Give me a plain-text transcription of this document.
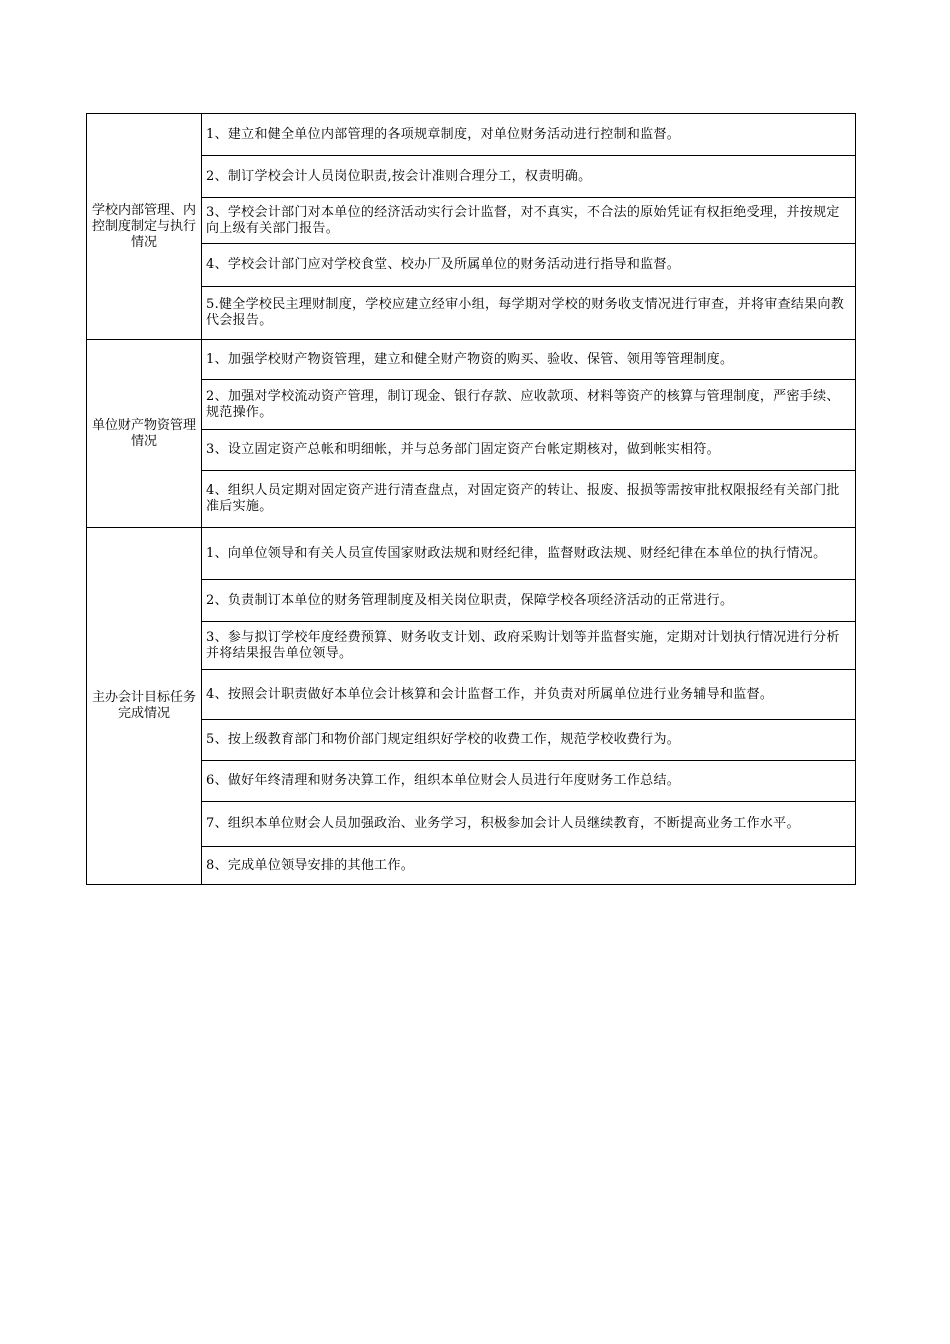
学校内部管理、内控制度制定与执行情况	1、建立和健全单位内部管理的各项规章制度，对单位财务活动进行控制和监督。

	2、制订学校会计人员岗位职责,按会计准则合理分工，权责明确。

	3、学校会计部门对本单位的经济活动实行会计监督，对不真实，不合法的原始凭证有权拒绝受理，并按规定向上级有关部门报告。

	4、学校会计部门应对学校食堂、校办厂及所属单位的财务活动进行指导和监督。

	5.健全学校民主理财制度，学校应建立经审小组，每学期对学校的财务收支情况进行审查，并将审查结果向教代会报告。

单位财产物资管理情况	1、加强学校财产物资管理，建立和健全财产物资的购买、验收、保管、领用等管理制度。

	2、加强对学校流动资产管理，制订现金、银行存款、应收款项、材料等资产的核算与管理制度，严密手续、规范操作。

	3、设立固定资产总帐和明细帐，并与总务部门固定资产台帐定期核对，做到帐实相符。

	4、组织人员定期对固定资产进行清查盘点，对固定资产的转让、报废、报损等需按审批权限报经有关部门批准后实施。

主办会计目标任务完成情况	1、向单位领导和有关人员宣传国家财政法规和财经纪律，监督财政法规、财经纪律在本单位的执行情况。

	2、负责制订本单位的财务管理制度及相关岗位职责，保障学校各项经济活动的正常进行。

	3、参与拟订学校年度经费预算、财务收支计划、政府采购计划等并监督实施，定期对计划执行情况进行分析并将结果报告单位领导。

	4、按照会计职责做好本单位会计核算和会计监督工作，并负责对所属单位进行业务辅导和监督。

	5、按上级教育部门和物价部门规定组织好学校的收费工作，规范学校收费行为。

	6、做好年终清理和财务决算工作，组织本单位财会人员进行年度财务工作总结。

	7、组织本单位财会人员加强政治、业务学习，积极参加会计人员继续教育，不断提高业务工作水平。

	8、完成单位领导安排的其他工作。
